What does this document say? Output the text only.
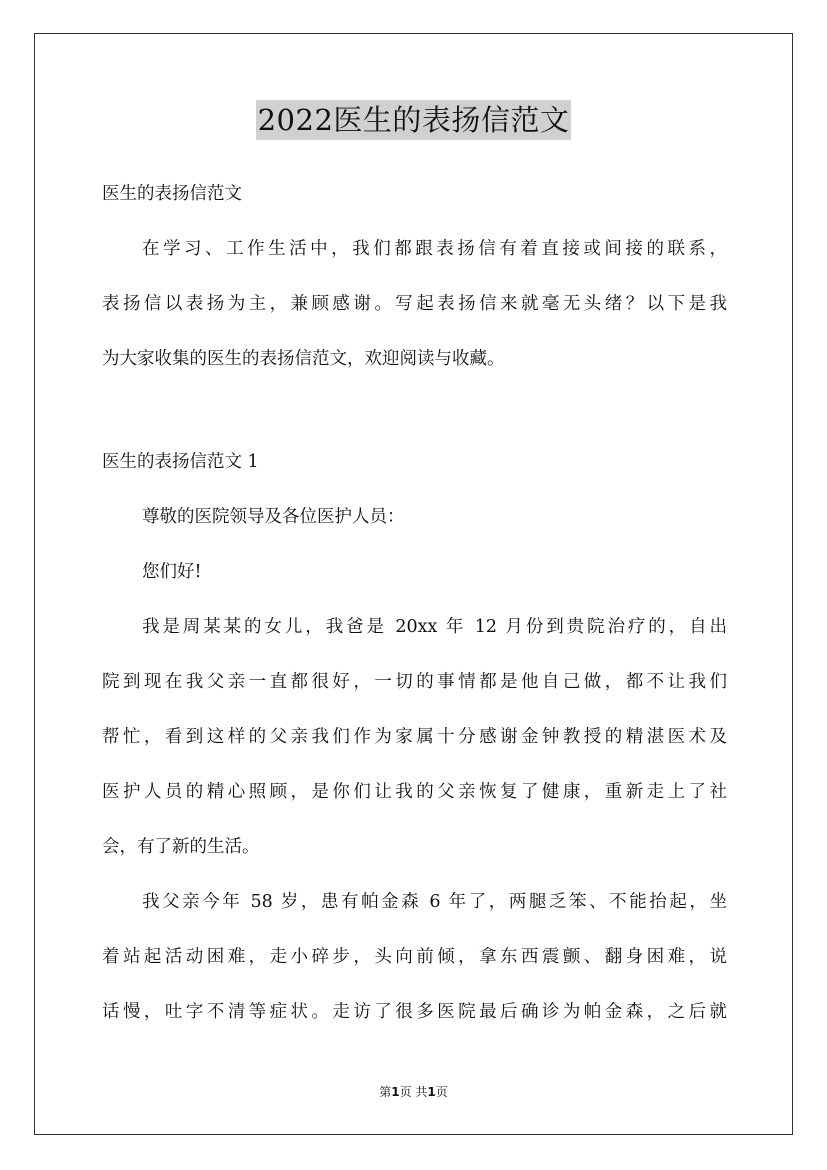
2022医生的表扬信范文
医生的表扬信范文
在学习、工作生活中，我们都跟表扬信有着直接或间接的联系，
表扬信以表扬为主，兼顾感谢。写起表扬信来就毫无头绪？以下是我
为大家收集的医生的表扬信范文，欢迎阅读与收藏。
医生的表扬信范文 1
尊敬的医院领导及各位医护人员：
您们好!
我是周某某的女儿，我爸是 20xx 年 12 月份到贵院治疗的，自出
院到现在我父亲一直都很好，一切的事情都是他自己做，都不让我们
帮忙，看到这样的父亲我们作为家属十分感谢金钟教授的精湛医术及
医护人员的精心照顾，是你们让我的父亲恢复了健康，重新走上了社
会，有了新的生活。
我父亲今年 58 岁，患有帕金森 6 年了，两腿乏笨、不能抬起，坐
着站起活动困难，走小碎步，头向前倾，拿东西震颤、翻身困难，说
话慢，吐字不清等症状。走访了很多医院最后确诊为帕金森，之后就
第1页 共1页
